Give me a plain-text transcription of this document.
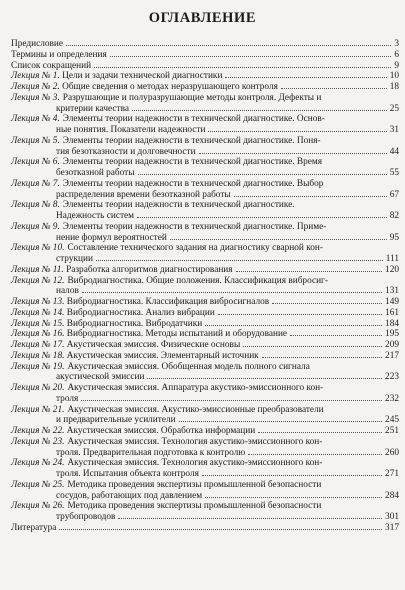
ОГЛАВЛЕНИЕ
Предисловие	3
Термины и определения	6
Список сокращений	9
Лекция № 1. Цели и задачи технической диагностики	10
Лекция № 2. Общие сведения о методах неразрушающего контроля	18
Лекция № 3. Разрушающие и полуразрушающие методы контроля. Дефекты и
критерии качества	25
Лекция № 4. Элементы теории надежности в технической диагностике. Основ-
ные понятия. Показатели надежности	31
Лекция № 5. Элементы теории надежности в технической диагностике. Поня-
тия безотказности и долговечности	44
Лекция № 6. Элементы теории надежности в технической диагностике. Время
безотказной работы	55
Лекция № 7. Элементы теории надежности в технической диагностике. Выбор
распределения времени безотказной работы	67
Лекция № 8. Элементы теории надежности в технической диагностике.
Надежность систем	82
Лекция № 9. Элементы теории надежности в технической диагностике. Приме-
нение формул вероятностей	95
Лекция № 10. Составление технического задания на диагностику сварной кон-
струкции	111
Лекция № 11. Разработка алгоритмов диагностирования	120
Лекция № 12. Вибродиагностика. Общие положения. Классификация вибросиг-
налов	131
Лекция № 13. Вибродиагностика. Классификация вибросигналов	149
Лекция № 14. Вибродиагностика. Анализ вибрации	161
Лекция № 15. Вибродиагностика. Вибродатчики	184
Лекция № 16. Вибродиагностика. Методы испытаний и оборудование	195
Лекция № 17. Акустическая эмиссия. Физические основы	209
Лекция № 18. Акустическая эмиссия. Элементарный источник	217
Лекция № 19. Акустическая эмиссия. Обобщенная модель полного сигнала
акустической эмиссии	223
Лекция № 20. Акустическая эмиссия. Аппаратура акустико-эмиссионного кон-
троля	232
Лекция № 21. Акустическая эмиссия. Акустико-эмиссионные преобразователи
и предварительные усилители	245
Лекция № 22. Акустическая эмиссия. Обработка информации	251
Лекция № 23. Акустическая эмиссия. Технология акустико-эмиссионного кон-
троля. Предварительная подготовка к контролю	260
Лекция № 24. Акустическая эмиссия. Технология акустико-эмиссионного кон-
троля. Испытания объекта контроля	271
Лекция № 25. Методика проведения экспертизы промышленной безопасности
сосудов, работающих под давлением	284
Лекция № 26. Методика проведения экспертизы промышленной безопасности
трубопроводов	301
Литература	317
